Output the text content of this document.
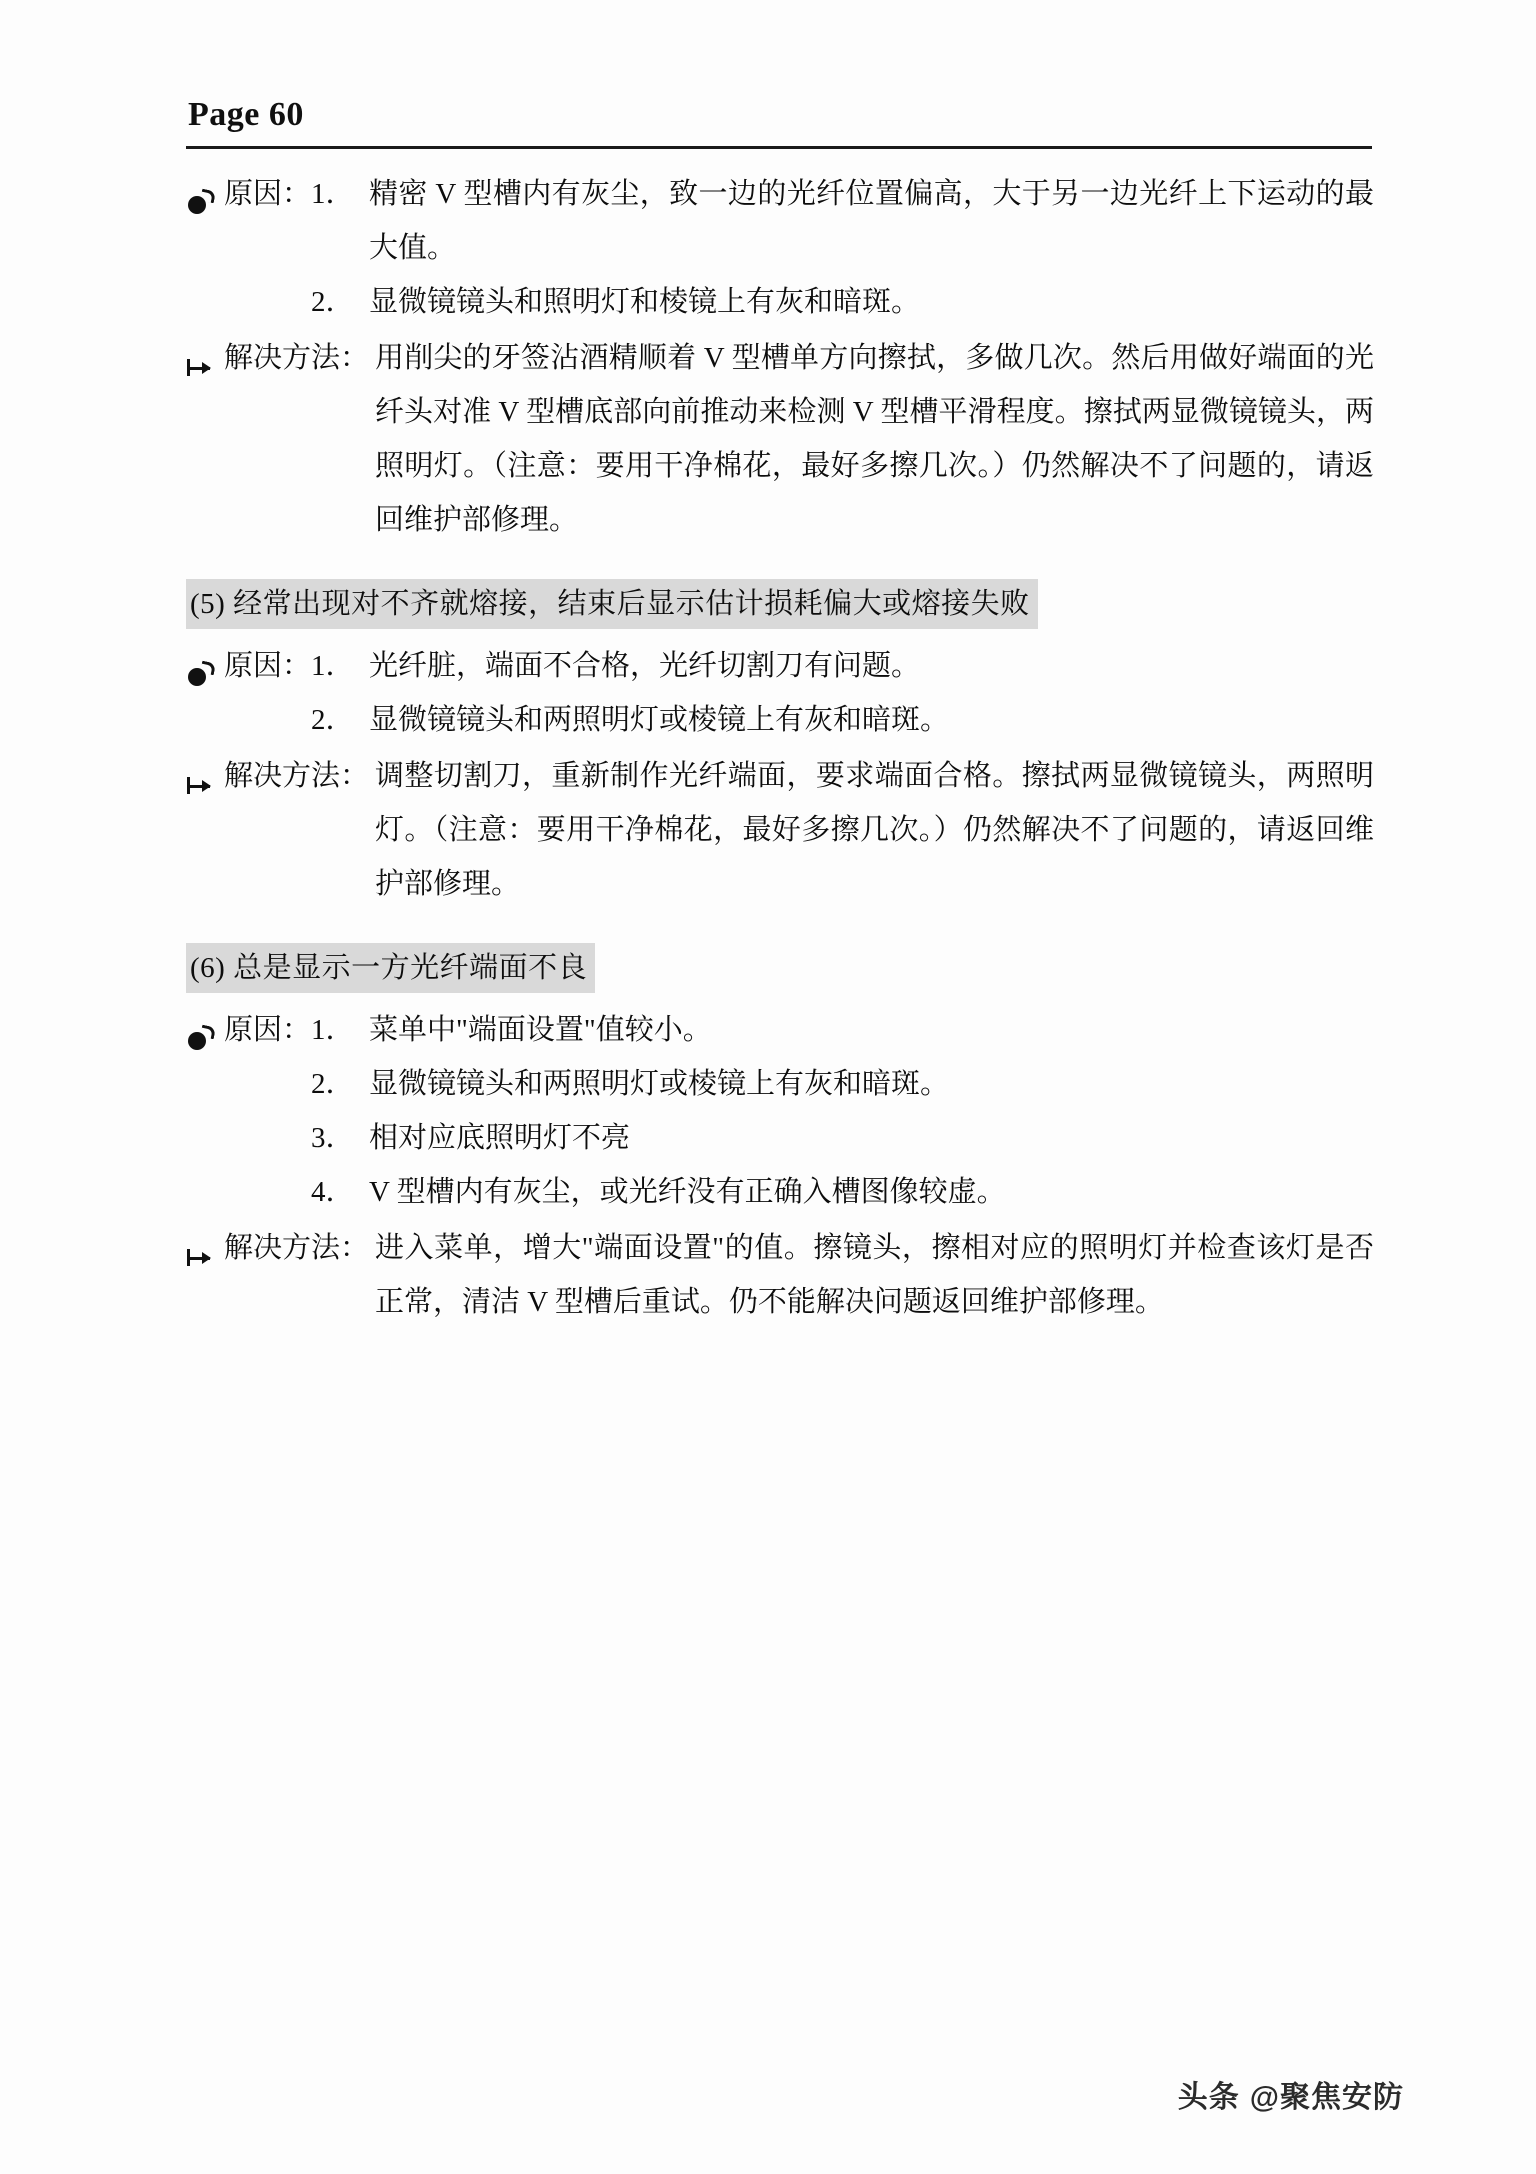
Page 60
原因： 1． 精密 V 型槽内有灰尘，致一边的光纤位置偏高，大于另一边光纤上下运动的最大值。
2． 显微镜镜头和照明灯和棱镜上有灰和暗斑。
解决方法： 用削尖的牙签沾酒精顺着 V 型槽单方向擦拭，多做几次。然后用做好端面的光纤头对准 V 型槽底部向前推动来检测 V 型槽平滑程度。擦拭两显微镜镜头，两照明灯。（注意：要用干净棉花，最好多擦几次。）仍然解决不了问题的，请返回维护部修理。
(5) 经常出现对不齐就熔接，结束后显示估计损耗偏大或熔接失败
原因： 1． 光纤脏，端面不合格，光纤切割刀有问题。
2． 显微镜镜头和两照明灯或棱镜上有灰和暗斑。
解决方法： 调整切割刀，重新制作光纤端面，要求端面合格。擦拭两显微镜镜头，两照明灯。（注意：要用干净棉花，最好多擦几次。）仍然解决不了问题的，请返回维护部修理。
(6) 总是显示一方光纤端面不良
原因： 1． 菜单中"端面设置"值较小。
2． 显微镜镜头和两照明灯或棱镜上有灰和暗斑。
3． 相对应底照明灯不亮
4． V 型槽内有灰尘，或光纤没有正确入槽图像较虚。
解决方法： 进入菜单，增大"端面设置"的值。擦镜头，擦相对应的照明灯并检查该灯是否正常，清洁 V 型槽后重试。仍不能解决问题返回维护部修理。
头条 @聚焦安防
